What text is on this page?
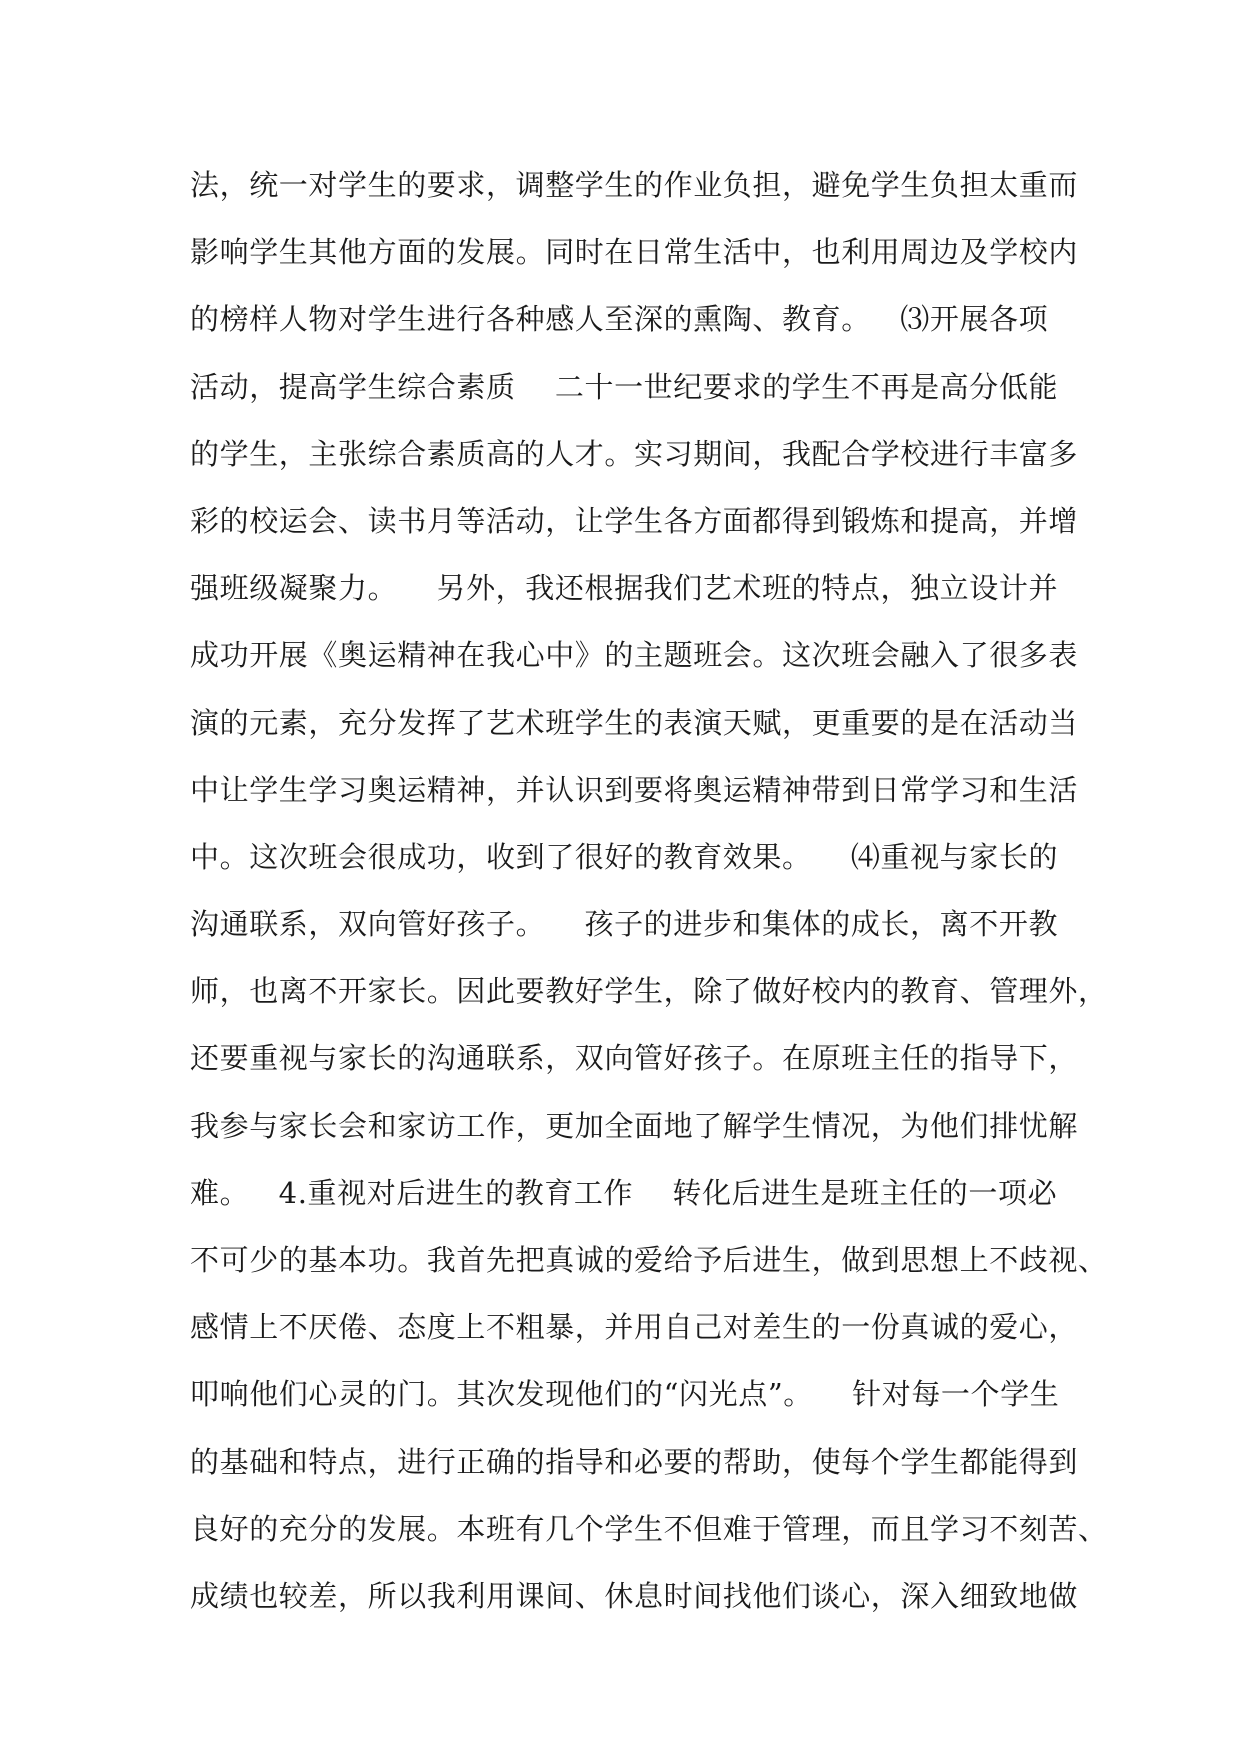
法，统一对学生的要求，调整学生的作业负担，避免学生负担太重而
影响学生其他方面的发展。同时在日常生活中，也利用周边及学校内
的榜样人物对学生进行各种感人至深的熏陶、教育。   ⑶开展各项
活动，提高学生综合素质    二十一世纪要求的学生不再是高分低能
的学生，主张综合素质高的人才。实习期间，我配合学校进行丰富多
彩的校运会、读书月等活动，让学生各方面都得到锻炼和提高，并增
强班级凝聚力。    另外，我还根据我们艺术班的特点，独立设计并
成功开展《奥运精神在我心中》的主题班会。这次班会融入了很多表
演的元素，充分发挥了艺术班学生的表演天赋，更重要的是在活动当
中让学生学习奥运精神，并认识到要将奥运精神带到日常学习和生活
中。这次班会很成功，收到了很好的教育效果。    ⑷重视与家长的
沟通联系，双向管好孩子。    孩子的进步和集体的成长，离不开教
师，也离不开家长。因此要教好学生，除了做好校内的教育、管理外，
还要重视与家长的沟通联系，双向管好孩子。在原班主任的指导下，
我参与家长会和家访工作，更加全面地了解学生情况，为他们排忧解
难。   4.重视对后进生的教育工作    转化后进生是班主任的一项必
不可少的基本功。我首先把真诚的爱给予后进生，做到思想上不歧视、
感情上不厌倦、态度上不粗暴，并用自己对差生的一份真诚的爱心，
叩响他们心灵的门。其次发现他们的“闪光点”。    针对每一个学生
的基础和特点，进行正确的指导和必要的帮助，使每个学生都能得到
良好的充分的发展。本班有几个学生不但难于管理，而且学习不刻苦、
成绩也较差，所以我利用课间、休息时间找他们谈心，深入细致地做
